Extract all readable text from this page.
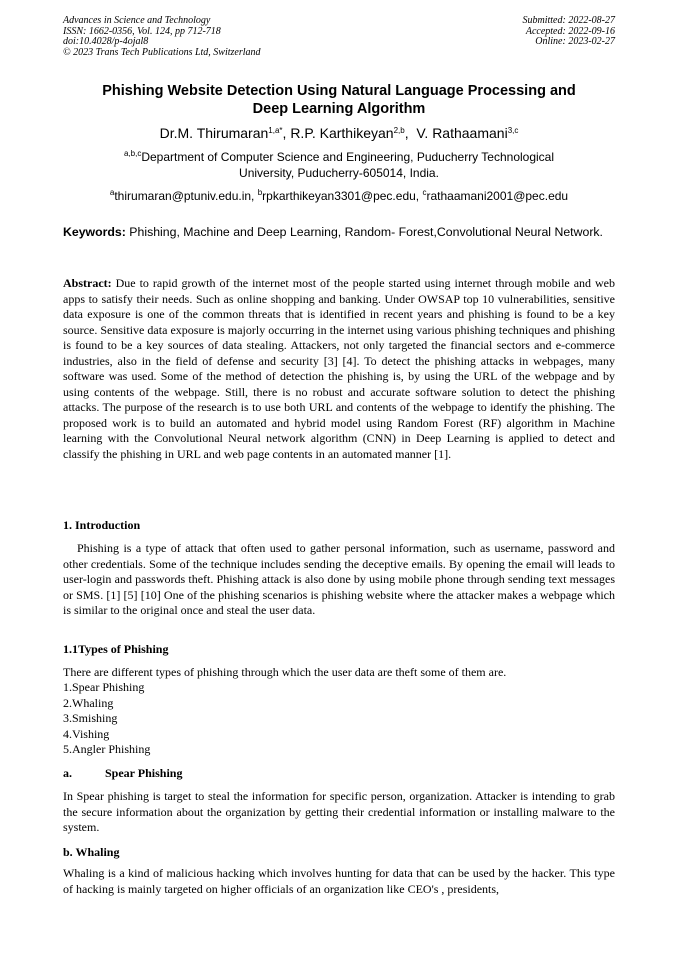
Advances in Science and Technology
ISSN: 1662-0356, Vol. 124, pp 712-718
doi:10.4028/p-4ojal8
© 2023 Trans Tech Publications Ltd, Switzerland
Submitted: 2022-08-27
Accepted: 2022-09-16
Online: 2023-02-27
Phishing Website Detection Using Natural Language Processing and
Deep Learning Algorithm
Dr.M. Thirumaran$^{1,a*}$, R.P. Karthikeyan$^{2,b}$,  V. Rathaamani$^{3,c}$
$^{a,b,c}$Department of Computer Science and Engineering, Puducherry Technological
University, Puducherry-605014, India.
$^a$thirumaran@ptuniv.edu.in, $^b$rpkarthikeyan3301@pec.edu, $^c$rathaamani2001@pec.edu
Keywords: Phishing, Machine and Deep Learning, Random- Forest,Convolutional Neural Network.
Abstract: Due to rapid growth of the internet most of the people started using internet through mobile and web apps to satisfy their needs. Such as online shopping and banking. Under OWSAP top 10 vulnerabilities, sensitive data exposure is one of the common threats that is identified in recent years and phishing is found to be a key source. Sensitive data exposure is majorly occurring in the internet using various phishing techniques and phishing is found to be a key sources of data stealing. Attackers, not only targeted the financial sectors and e-commerce industries, also in the field of defense and security [3] [4]. To detect the phishing attacks in webpages, many software was used. Some of the method of detection the phishing is, by using the URL of the webpage and by using contents of the webpage. Still, there is no robust and accurate software solution to detect the phishing attacks. The purpose of the research is to use both URL and contents of the webpage to identify the phishing. The proposed work is to build an automated and hybrid model using Random Forest (RF) algorithm in Machine learning with the Convolutional Neural network algorithm (CNN) in Deep Learning is applied to detect and classify the phishing in URL and web page contents in an automated manner [1].
1. Introduction
Phishing is a type of attack that often used to gather personal information, such as username, password and other credentials. Some of the technique includes sending the deceptive emails. By opening the email will leads to user-login and passwords theft. Phishing attack is also done by using mobile phone through sending text messages or SMS. [1] [5] [10] One of the phishing scenarios is phishing website where the attacker makes a webpage which is similar to the original once and steal the user data.
1.1Types of Phishing
There are different types of phishing through which the user data are theft some of them are.
1.Spear Phishing
2.Whaling
3.Smishing
4.Vishing
5.Angler Phishing
a.	Spear Phishing
In Spear phishing is target to steal the information for specific person, organization. Attacker is intending to grab the secure information about the organization by getting their credential information or installing malware to the system.
b. Whaling
Whaling is a kind of malicious hacking which involves hunting for data that can be used by the hacker. This type of hacking is mainly targeted on higher officials of an organization like CEO's , presidents,
